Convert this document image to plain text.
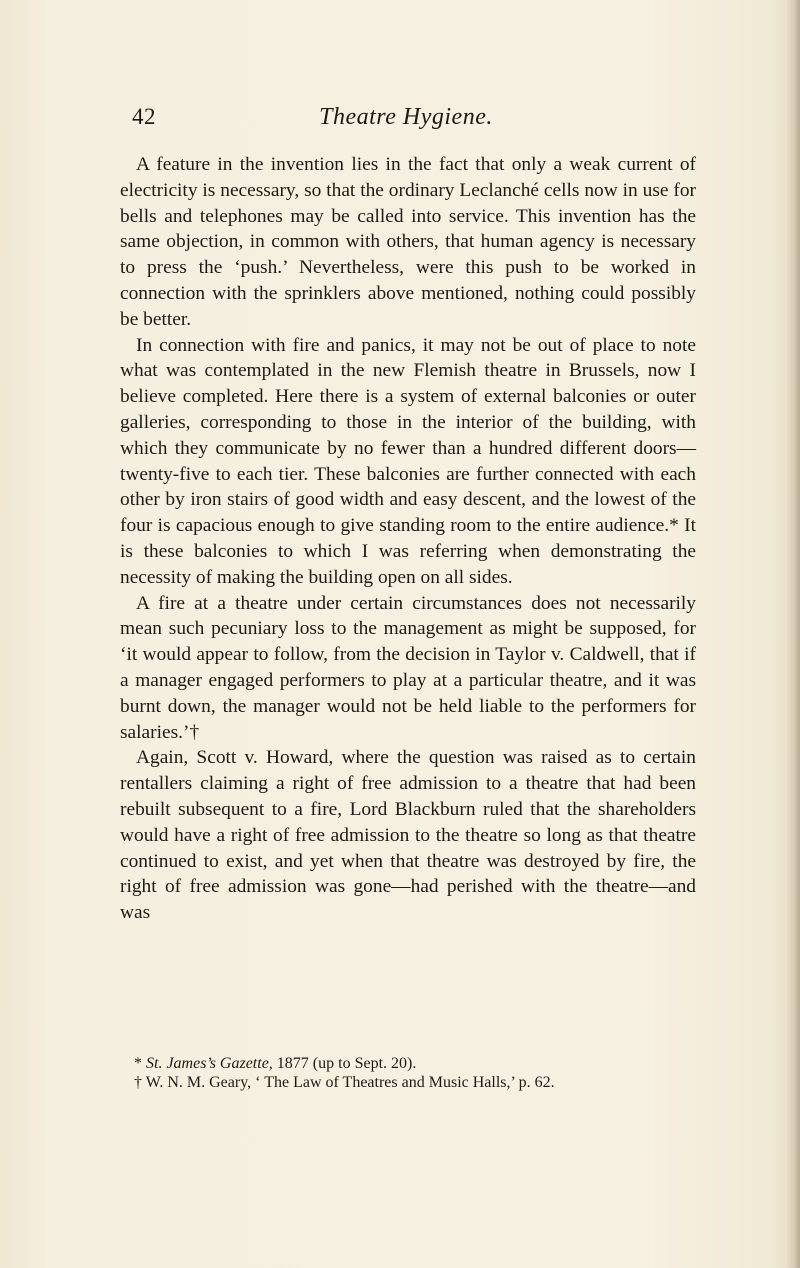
42	Theatre Hygiene.

A feature in the invention lies in the fact that only a weak current of electricity is necessary, so that the ordinary Leclanché cells now in use for bells and telephones may be called into service. This invention has the same objection, in common with others, that human agency is necessary to press the ‘push.’ Nevertheless, were this push to be worked in connection with the sprinklers above mentioned, nothing could possibly be better.

In connection with fire and panics, it may not be out of place to note what was contemplated in the new Flemish theatre in Brussels, now I believe completed. Here there is a system of external balconies or outer galleries, corresponding to those in the interior of the building, with which they communicate by no fewer than a hundred different doors—twenty-five to each tier. These balconies are further connected with each other by iron stairs of good width and easy descent, and the lowest of the four is capacious enough to give standing room to the entire audience.* It is these balconies to which I was referring when demonstrating the necessity of making the building open on all sides.

A fire at a theatre under certain circumstances does not necessarily mean such pecuniary loss to the management as might be supposed, for ‘it would appear to follow, from the decision in Taylor v. Caldwell, that if a manager engaged performers to play at a particular theatre, and it was burnt down, the manager would not be held liable to the performers for salaries.’†

Again, Scott v. Howard, where the question was raised as to certain rentallers claiming a right of free admission to a theatre that had been rebuilt subsequent to a fire, Lord Blackburn ruled that the shareholders would have a right of free admission to the theatre so long as that theatre continued to exist, and yet when that theatre was destroyed by fire, the right of free admission was gone—had perished with the theatre—and was

* St. James’s Gazette, 1877 (up to Sept. 20).

† W. N. M. Geary, ‘ The Law of Theatres and Music Halls,’ p. 62.
